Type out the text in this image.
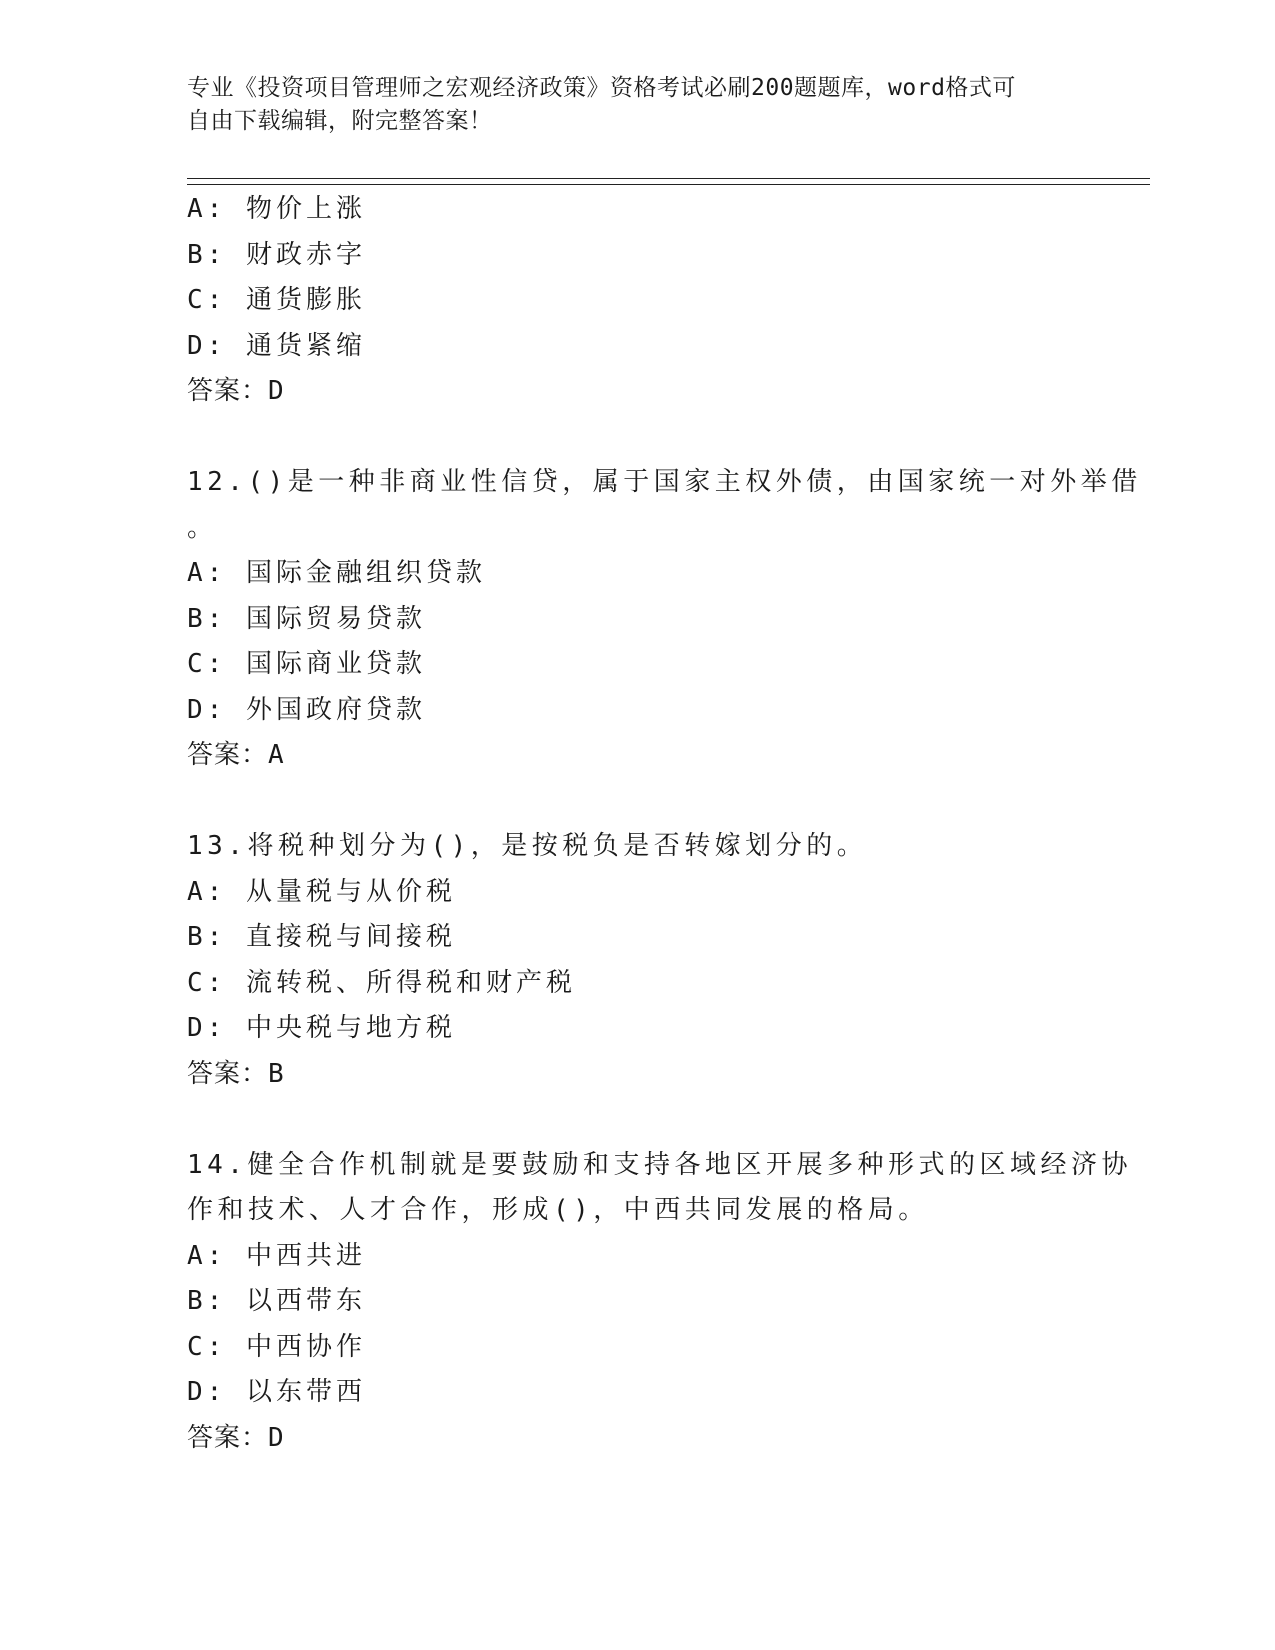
专业《投资项目管理师之宏观经济政策》资格考试必刷200题题库，word格式可
自由下载编辑，附完整答案！
A: 物价上涨
B: 财政赤字
C: 通货膨胀
D: 通货紧缩
答案：D
12.()是一种非商业性信贷，属于国家主权外债，由国家统一对外举借
。
A: 国际金融组织贷款
B: 国际贸易贷款
C: 国际商业贷款
D: 外国政府贷款
答案：A
13.将税种划分为()，是按税负是否转嫁划分的。
A: 从量税与从价税
B: 直接税与间接税
C: 流转税、所得税和财产税
D: 中央税与地方税
答案：B
14.健全合作机制就是要鼓励和支持各地区开展多种形式的区域经济协
作和技术、人才合作，形成()，中西共同发展的格局。
A: 中西共进
B: 以西带东
C: 中西协作
D: 以东带西
答案：D
